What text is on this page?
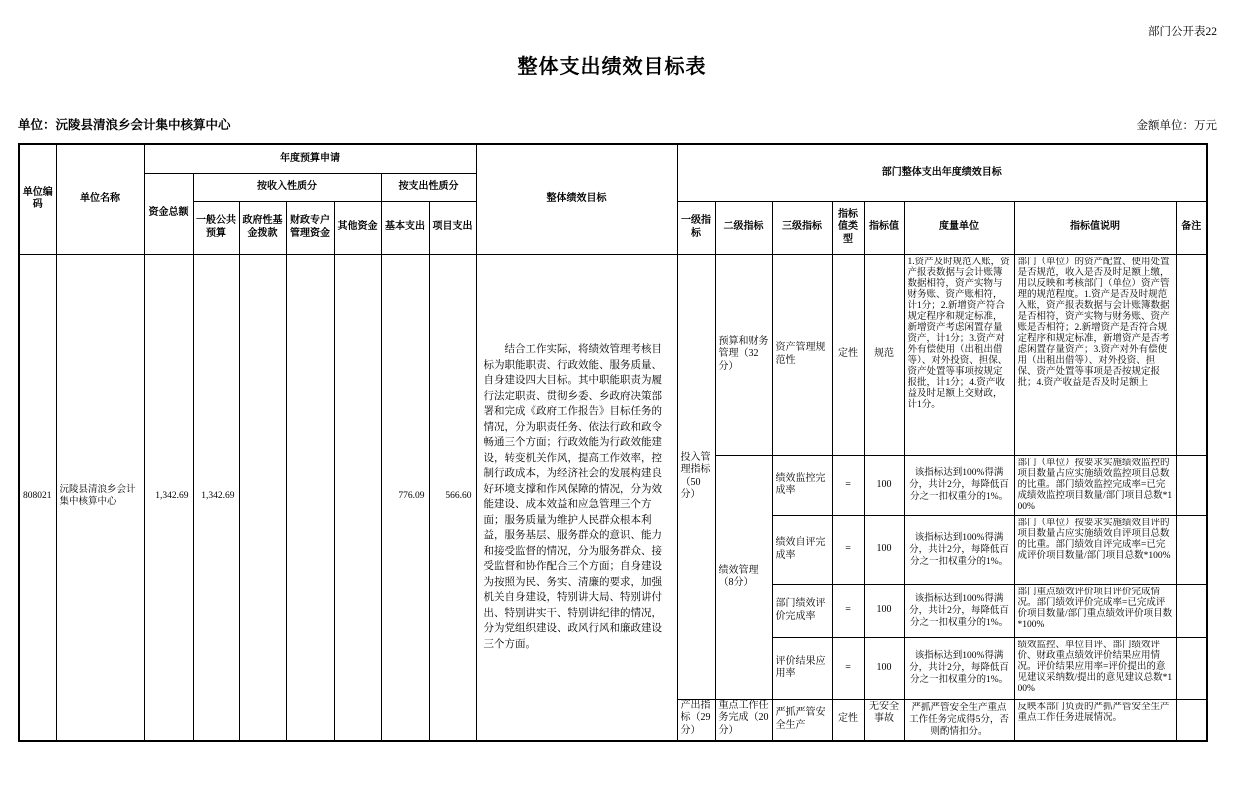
部门公开表22
整体支出绩效目标表
单位：沅陵县清浪乡会计集中核算中心	金额单位：万元
单位编码	单位名称	年度预算申请							整体绩效目标	部门整体支出年度绩效目标							
		资金总额	按收入性质分				按支出性质分										
			一般公共预算	政府性基金拨款	财政专户管理资金	其他资金	基本支出	项目支出		一级指标	二级指标	三级指标	指标值类型	指标值	度量单位	指标值说明	备注
808021	沅陵县清浪乡会计集中核算中心	1,342.69	1,342.69				776.09	566.60	结合工作实际，将绩效管理考核目标为职能职责、行政效能、服务质量、自身建设四大目标。其中职能职责为履行法定职责、贯彻乡委、乡政府决策部署和完成《政府工作报告》目标任务的情况，分为职责任务、依法行政和政令畅通三个方面；行政效能为行政效能建设，转变机关作风，提高工作效率，控制行政成本，为经济社会的发展构建良好环境支撑和作风保障的情况，分为效能建设、成本效益和应急管理三个方面；服务质量为维护人民群众根本利益，服务基层、服务群众的意识、能力和接受监督的情况，分为服务群众、接受监督和协作配合三个方面；自身建设为按照为民、务实、清廉的要求，加强机关自身建设，特别讲大局、特别讲付出、特别讲实干、特别讲纪律的情况，分为党组织建设、政风行风和廉政建设三个方面。	投入管理指标（50分）	预算和财务管理（32分）	资产管理规范性	定性	规范	1.资产及时规范入账，资产报表数据与会计账簿数据相符，资产实物与财务账、资产账相符，计1分；2.新增资产符合规定程序和规定标准，新增资产考虑闲置存量资产，计1分；3.资产对外有偿使用（出租出借等）、对外投资、担保、资产处置等事项按规定报批，计1分；4.资产收益及时足额上交财政，计1分。	部门（单位）的资产配置、使用处置是否规范，收入是否及时足额上缴，用以反映和考核部门（单位）资产管理的规范程度。1.资产是否及时规范入账，资产报表数据与会计账簿数据是否相符，资产实物与财务账、资产账是否相符；2.新增资产是否符合规定程序和规定标准，新增资产是否考虑闲置存量资产；3.资产对外有偿使用（出租出借等）、对外投资、担保、资产处置等事项是否按规定报批；4.资产收益是否及时足额上	

											绩效管理（8分）	绩效监控完成率	=	100	该指标达到100%得满分，共计2分，每降低百分之一扣权重分的1%。	部门（单位）按要求实施绩效监控的项目数量占应实施绩效监控项目总数的比重。部门绩效监控完成率=已完成绩效监控项目数量/部门项目总数*100%	

												绩效自评完成率	=	100	该指标达到100%得满分，共计2分，每降低百分之一扣权重分的1%。	部门（单位）按要求实施绩效自评的项目数量占应实施绩效自评项目总数的比重。部门绩效自评完成率=已完成评价项目数量/部门项目总数*100%	

												部门绩效评价完成率	=	100	该指标达到100%得满分，共计2分，每降低百分之一扣权重分的1%。	部门重点绩效评价项目评价完成情况。部门绩效评价完成率=已完成评价项目数量/部门重点绩效评价项目数*100%	

												评价结果应用率	=	100	该指标达到100%得满分，共计2分，每降低百分之一扣权重分的1%。	绩效监控、单位自评、部门绩效评价、财政重点绩效评价结果应用情况。评价结果应用率=评价提出的意见建议采纳数/提出的意见建议总数*100%	

										产出指标（29分）	重点工作任务完成（20分）	严抓严管安全生产	定性	无安全事故	严抓严管安全生产重点工作任务完成得5分，否则酌情扣分。	反映本部门负责的严抓严管安全生产重点工作任务进展情况。	
